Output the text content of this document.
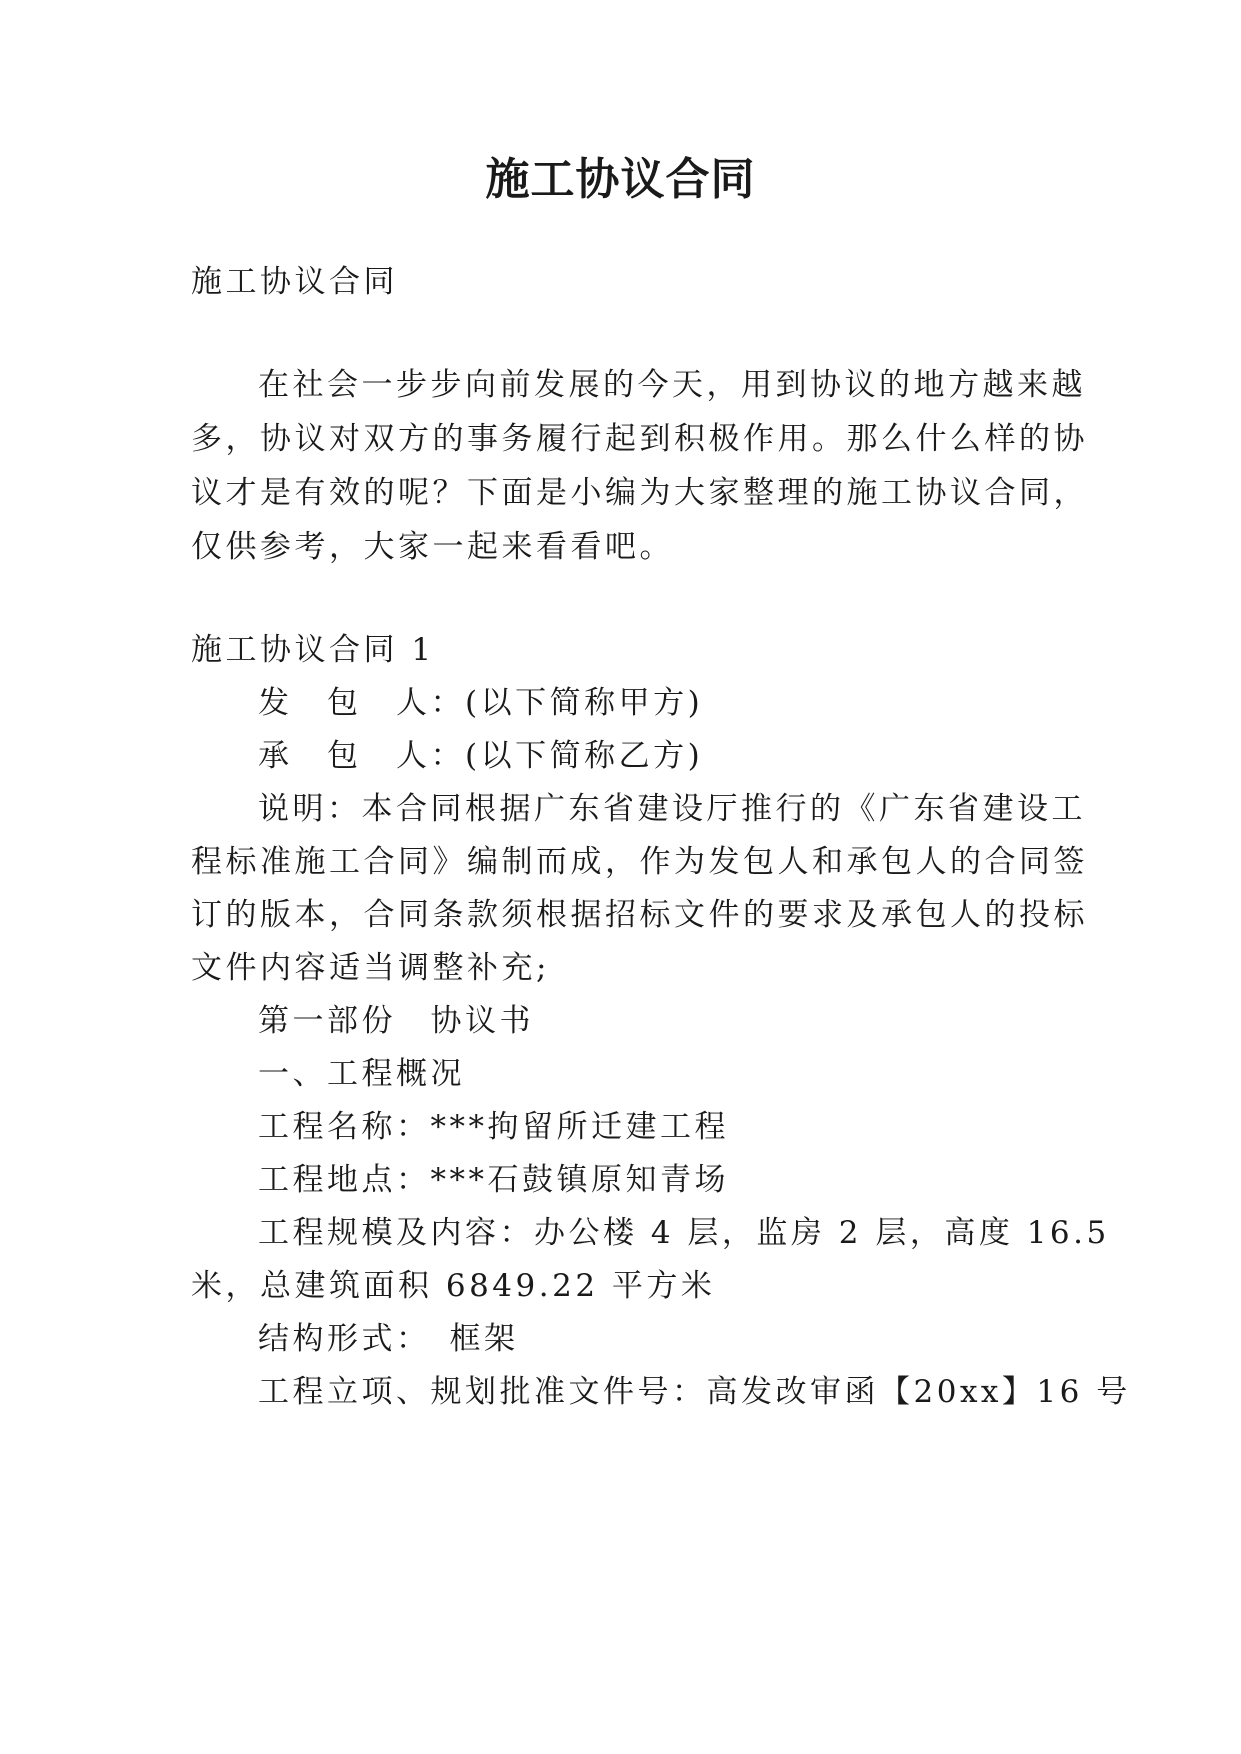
施工协议合同
施工协议合同
在社会一步步向前发展的今天，用到协议的地方越来越
多，协议对双方的事务履行起到积极作用。那么什么样的协
议才是有效的呢？下面是小编为大家整理的施工协议合同，
仅供参考，大家一起来看看吧。
施工协议合同 1
发　包　人：(以下简称甲方)
承　包　人：(以下简称乙方)
说明：本合同根据广东省建设厅推行的《广东省建设工
程标准施工合同》编制而成，作为发包人和承包人的合同签
订的版本，合同条款须根据招标文件的要求及承包人的投标
文件内容适当调整补充;
第一部份　协议书
一、工程概况
工程名称：***拘留所迁建工程
工程地点：***石鼓镇原知青场
工程规模及内容：办公楼 4 层，监房 2 层，高度 16.5
米，总建筑面积 6849.22 平方米
结构形式：　框架
工程立项、规划批准文件号：高发改审函【20xx】16 号
